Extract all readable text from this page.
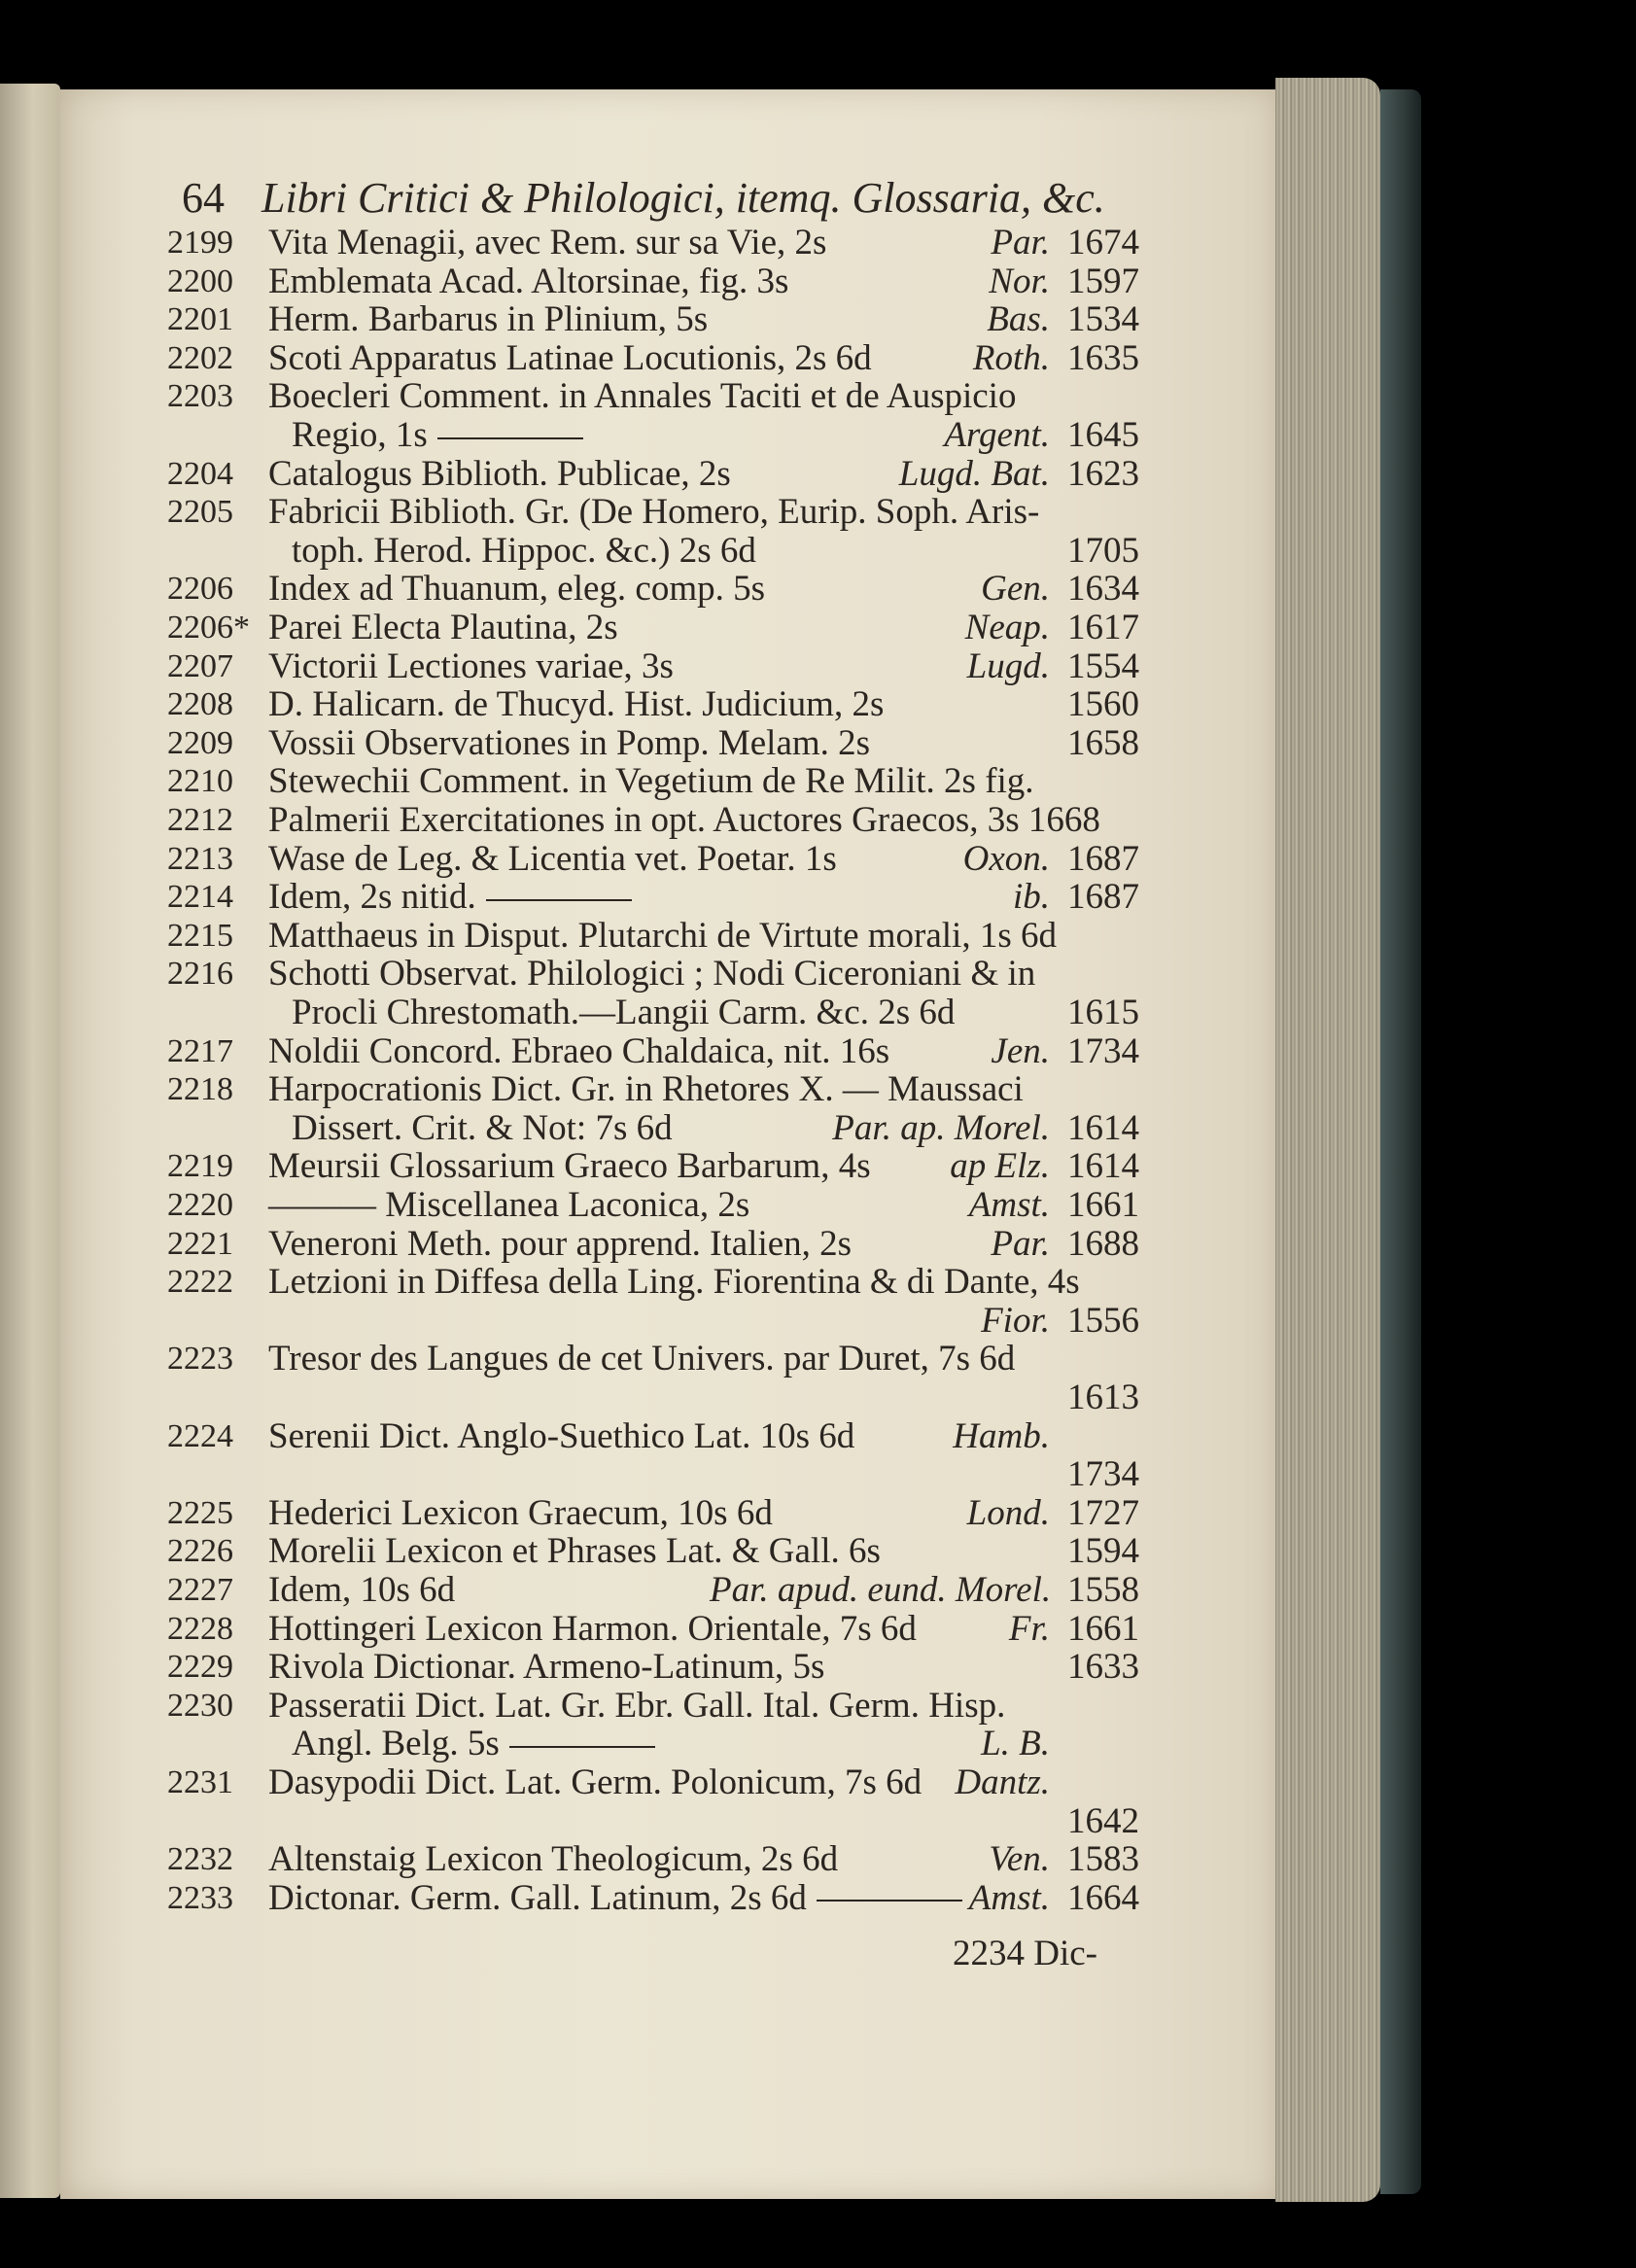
64 Libri Critici & Philologici, itemq. Glossaria, &c.
2199 Vita Menagii, avec Rem. sur sa Vie, 2s	Par. 1674
2200 Emblemata Acad. Altorsinae, fig. 3s	Nor. 1597
2201 Herm. Barbarus in Plinium, 5s	Bas. 1534
2202 Scoti Apparatus Latinae Locutionis, 2s 6d	Roth. 1635
2203 Boecleri Comment. in Annales Taciti et de Auspicio
Regio, 1s	Argent. 1645
2204 Catalogus Biblioth. Publicae, 2s	Lugd. Bat. 1623
2205 Fabricii Biblioth. Gr. (De Homero, Eurip. Soph. Aris-
toph. Herod. Hippoc. &c.) 2s 6d	1705
2206 Index ad Thuanum, eleg. comp. 5s	Gen. 1634
2206* Parei Electa Plautina, 2s	Neap. 1617
2207 Victorii Lectiones variae, 3s	Lugd. 1554
2208 D. Halicarn. de Thucyd. Hist. Judicium, 2s	1560
2209 Vossii Observationes in Pomp. Melam. 2s	1658
2210 Stewechii Comment. in Vegetium de Re Milit. 2s fig.
2212 Palmerii Exercitationes in opt. Auctores Graecos, 3s 1668
2213 Wase de Leg. & Licentia vet. Poetar. 1s	Oxon. 1687
2214 Idem, 2s nitid.	ib. 1687
2215 Matthaeus in Disput. Plutarchi de Virtute morali, 1s 6d
2216 Schotti Observat. Philologici ; Nodi Ciceroniani & in
Procli Chrestomath.—Langii Carm. &c. 2s 6d	1615
2217 Noldii Concord. Ebraeo Chaldaica, nit. 16s	Jen. 1734
2218 Harpocrationis Dict. Gr. in Rhetores X. — Maussaci
Dissert. Crit. & Not: 7s 6d	Par. ap. Morel. 1614
2219 Meursii Glossarium Graeco Barbarum, 4s	ap Elz. 1614
2220 ——— Miscellanea Laconica, 2s	Amst. 1661
2221 Veneroni Meth. pour apprend. Italien, 2s	Par. 1688
2222 Letzioni in Diffesa della Ling. Fiorentina & di Dante, 4s
Fior. 1556
2223 Tresor des Langues de cet Univers. par Duret, 7s 6d
1613
2224 Serenii Dict. Anglo-Suethico Lat. 10s 6d	Hamb.
1734
2225 Hederici Lexicon Graecum, 10s 6d	Lond. 1727
2226 Morelii Lexicon et Phrases Lat. & Gall. 6s	1594
2227 Idem, 10s 6d	Par. apud. eund. Morel. 1558
2228 Hottingeri Lexicon Harmon. Orientale, 7s 6d	Fr. 1661
2229 Rivola Dictionar. Armeno-Latinum, 5s	1633
2230 Passeratii Dict. Lat. Gr. Ebr. Gall. Ital. Germ. Hisp.
Angl. Belg. 5s	L. B.
2231 Dasypodii Dict. Lat. Germ. Polonicum, 7s 6d Dantz.
1642
2232 Altenstaig Lexicon Theologicum, 2s 6d	Ven. 1583
2233 Dictonar. Germ. Gall. Latinum, 2s 6d	Amst. 1664
2234 Dic-
